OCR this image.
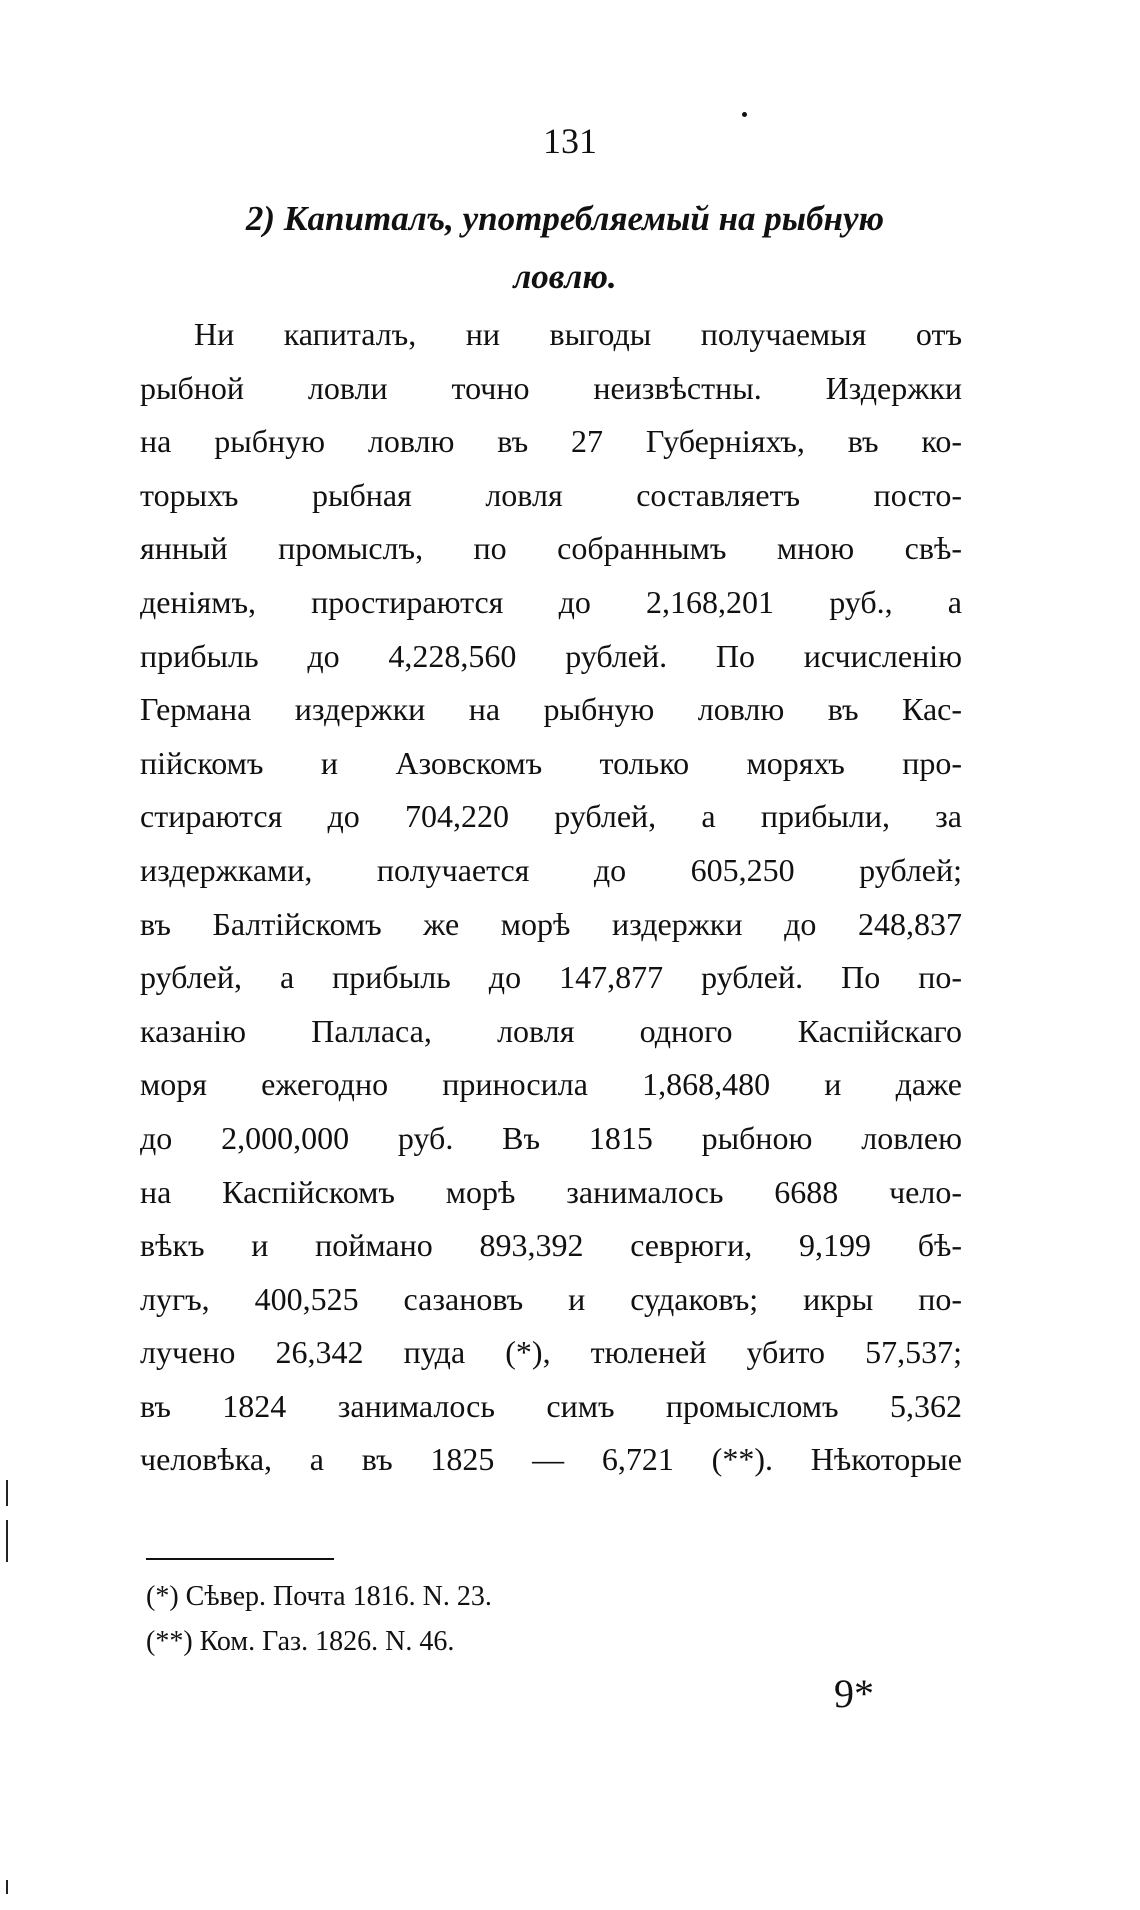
131
2) Капиталъ, употребляемый на рыбную
ловлю.
Ни капиталъ, ни выгоды получаемыя отъ
рыбной ловли точно неизвѣстны. Издержки
на рыбную ловлю въ 27 Губерніяхъ, въ ко-
торыхъ рыбная ловля составляетъ посто-
янный промыслъ, по собраннымъ мною свѣ-
деніямъ, простираются до 2,168,201 руб., а
прибыль до 4,228,560 рублей. По исчисленію
Германа издержки на рыбную ловлю въ Кас-
пійскомъ и Азовскомъ только моряхъ про-
стираются до 704,220 рублей, а прибыли, за
издержками, получается до 605,250 рублей;
въ Балтійскомъ же морѣ издержки до 248,837
рублей, а прибыль до 147,877 рублей. По по-
казанію Палласа, ловля одного Каспійскаго
моря ежегодно приносила 1,868,480 и даже
до 2,000,000 руб. Въ 1815 рыбною ловлею
на Каспійскомъ морѣ занималось 6688 чело-
вѣкъ и поймано 893,392 севрюги, 9,199 бѣ-
лугъ, 400,525 сазановъ и судаковъ; икры по-
лучено 26,342 пуда (*), тюленей убито 57,537;
въ 1824 занималось симъ промысломъ 5,362
человѣка, а въ 1825 — 6,721 (**). Нѣкоторые
(*) Сѣвер. Почта 1816. N. 23.
(**) Ком. Газ. 1826. N. 46.
9*
